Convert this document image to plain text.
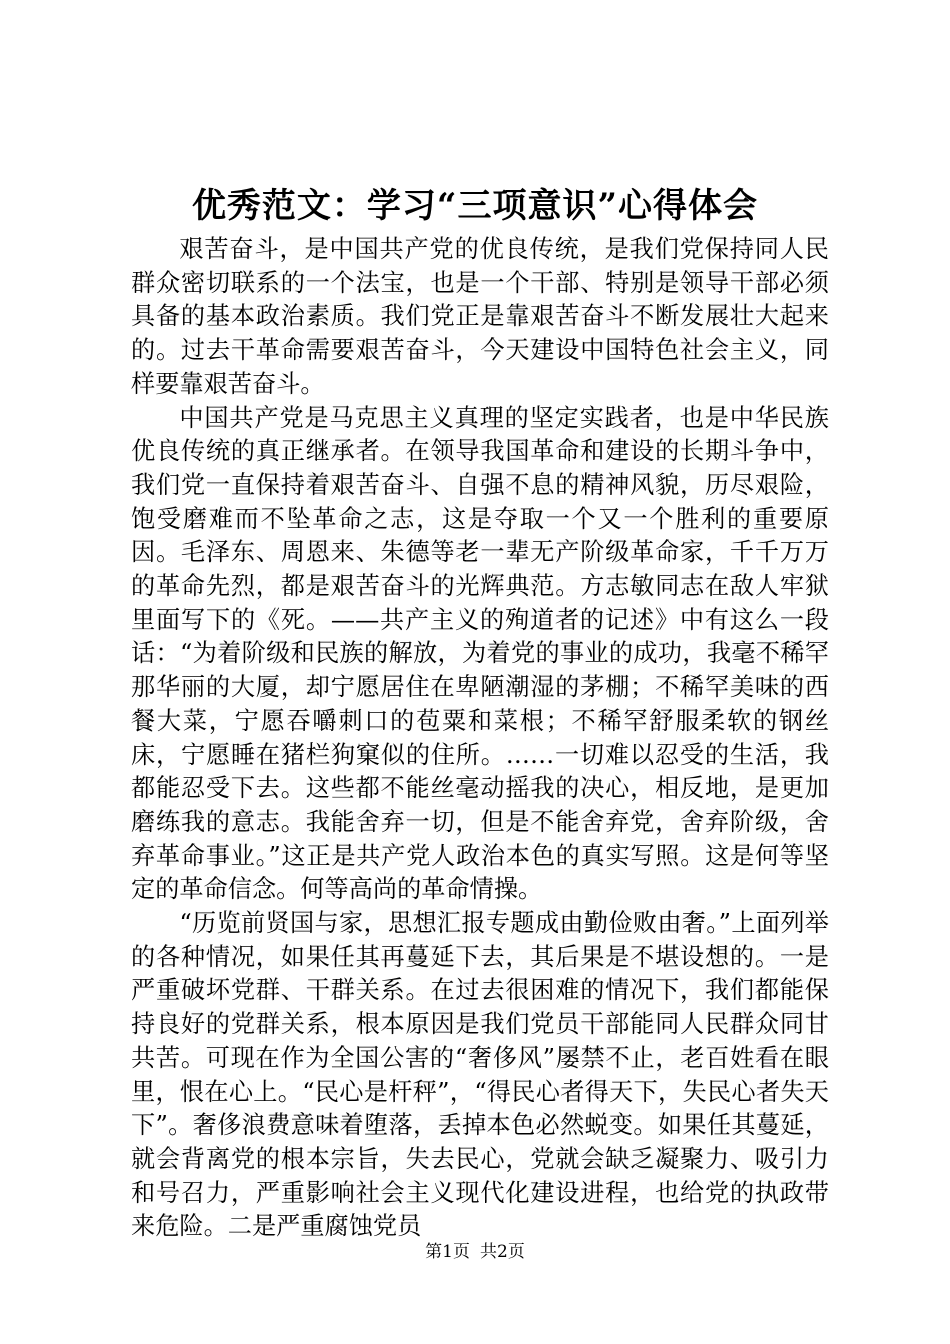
优秀范文：学习“三项意识”心得体会

艰苦奋斗，是中国共产党的优良传统，是我们党保持同人民群众密切联系的一个法宝，也是一个干部、特别是领导干部必须具备的基本政治素质。我们党正是靠艰苦奋斗不断发展壮大起来的。过去干革命需要艰苦奋斗，今天建设中国特色社会主义，同样要靠艰苦奋斗。

中国共产党是马克思主义真理的坚定实践者，也是中华民族优良传统的真正继承者。在领导我国革命和建设的长期斗争中，我们党一直保持着艰苦奋斗、自强不息的精神风貌，历尽艰险，饱受磨难而不坠革命之志，这是夺取一个又一个胜利的重要原因。毛泽东、周恩来、朱德等老一辈无产阶级革命家，千千万万的革命先烈，都是艰苦奋斗的光辉典范。方志敏同志在敌人牢狱里面写下的《死。——共产主义的殉道者的记述》中有这么一段话：“为着阶级和民族的解放，为着党的事业的成功，我毫不稀罕那华丽的大厦，却宁愿居住在卑陋潮湿的茅棚；不稀罕美味的西餐大菜，宁愿吞嚼刺口的苞粟和菜根；不稀罕舒服柔软的钢丝床，宁愿睡在猪栏狗窠似的住所。……一切难以忍受的生活，我都能忍受下去。这些都不能丝毫动摇我的决心，相反地，是更加磨练我的意志。我能舍弃一切，但是不能舍弃党，舍弃阶级，舍弃革命事业。”这正是共产党人政治本色的真实写照。这是何等坚定的革命信念。何等高尚的革命情操。

“历览前贤国与家，思想汇报专题成由勤俭败由奢。”上面列举的各种情况，如果任其再蔓延下去，其后果是不堪设想的。一是严重破坏党群、干群关系。在过去很困难的情况下，我们都能保持良好的党群关系，根本原因是我们党员干部能同人民群众同甘共苦。可现在作为全国公害的“奢侈风”屡禁不止，老百姓看在眼里，恨在心上。“民心是杆秤”，“得民心者得天下，失民心者失天下”。奢侈浪费意味着堕落，丢掉本色必然蜕变。如果任其蔓延，就会背离党的根本宗旨，失去民心，党就会缺乏凝聚力、吸引力和号召力，严重影响社会主义现代化建设进程，也给党的执政带来危险。二是严重腐蚀党员

第1页 共2页
